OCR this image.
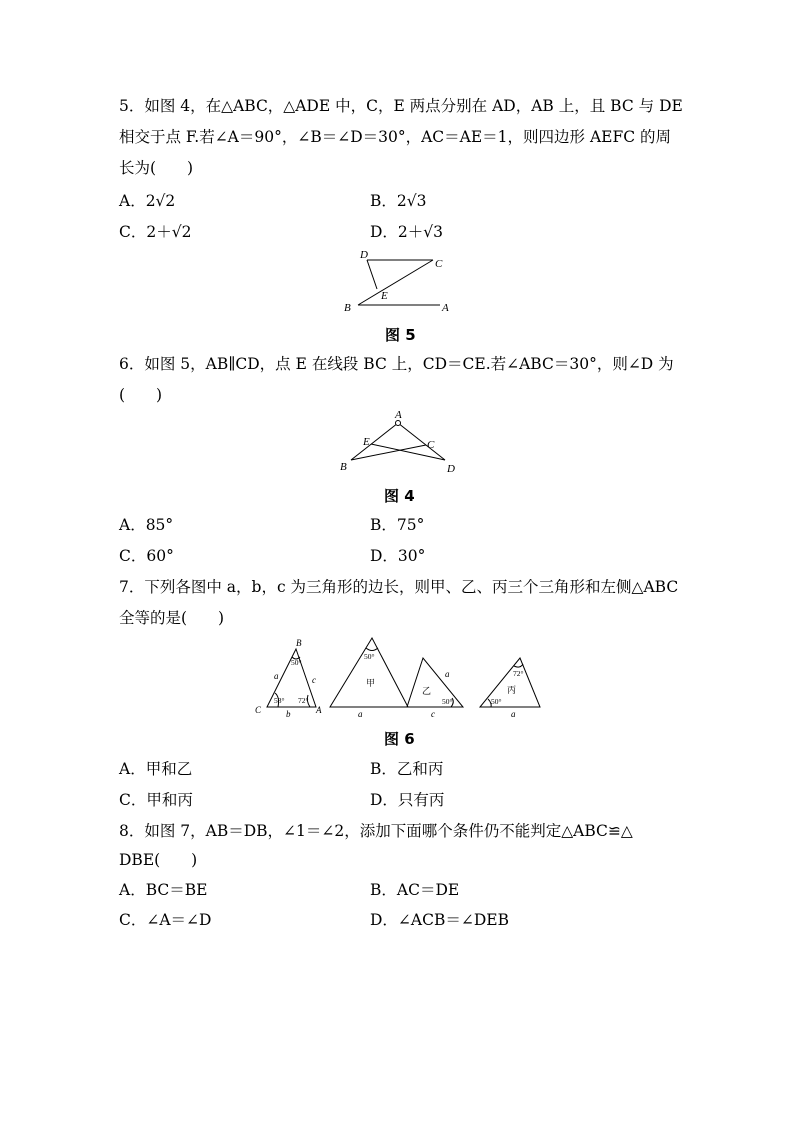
5．如图 4，在△ABC，△ADE 中，C，E 两点分别在 AD，AB 上，且 BC 与 DE
相交于点 F.若∠A＝90°，∠B＝∠D＝30°，AC＝AE＝1，则四边形 AEFC 的周
长为(　　)
A．2√2	B．2√3
C．2＋√2	D．2＋√3
D
C
E
B	A
图 5
6．如图 5，AB∥CD，点 E 在线段 BC 上，CD＝CE.若∠ABC＝30°，则∠D 为
(　　)
A
E	C
B	D
图 4
A．85°	B．75°
C．60°	D．30°
7．下列各图中 a，b，c 为三角形的边长，则甲、乙、丙三个三角形和左侧△ABC
全等的是(　　)
B
C	A
a
b
c
a
a
c	a
50°
58° 72°
50°
50°
72°
50°
甲
乙	丙
图 6
A．甲和乙	B．乙和丙
C．甲和丙	D．只有丙
8．如图 7，AB＝DB，∠1＝∠2，添加下面哪个条件仍不能判定△ABC≌△
DBE(　　)
A．BC＝BE	B．AC＝DE
C．∠A＝∠D	D．∠ACB＝∠DEB
